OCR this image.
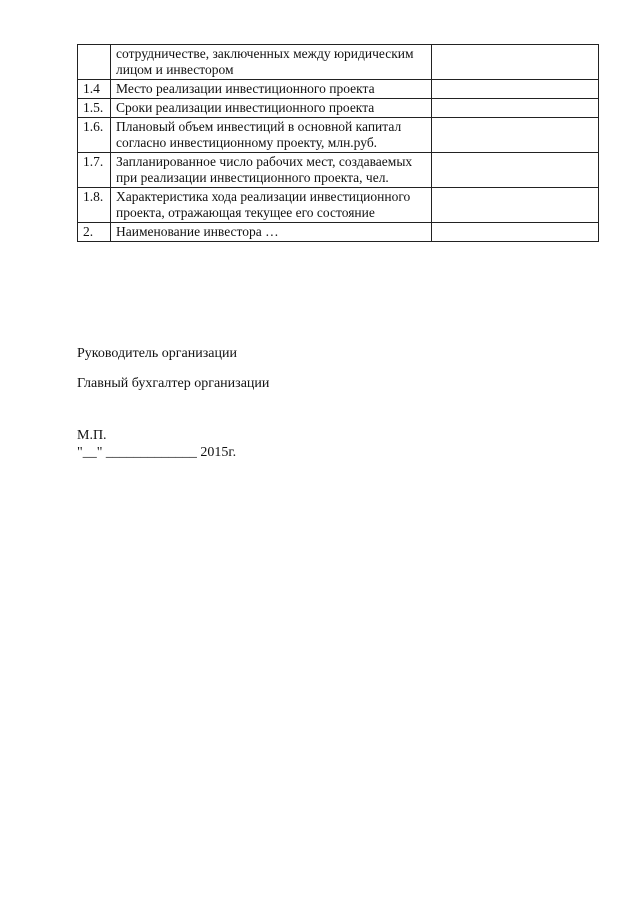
	сотрудничестве, заключенных между юридическим лицом и инвестором	
1.4	Место реализации инвестиционного проекта	
1.5.	Сроки реализации инвестиционного проекта	
1.6.	Плановый объем инвестиций в основной капитал согласно инвестиционному проекту, млн.руб.	
1.7.	Запланированное число рабочих мест, создаваемых при реализации инвестиционного проекта, чел.	
1.8.	Характеристика хода реализации инвестиционного проекта, отражающая текущее его состояние	
2.	Наименование инвестора …	
Руководитель организации
Главный бухгалтер организации
М.П.
"__" _____________ 2015г.
